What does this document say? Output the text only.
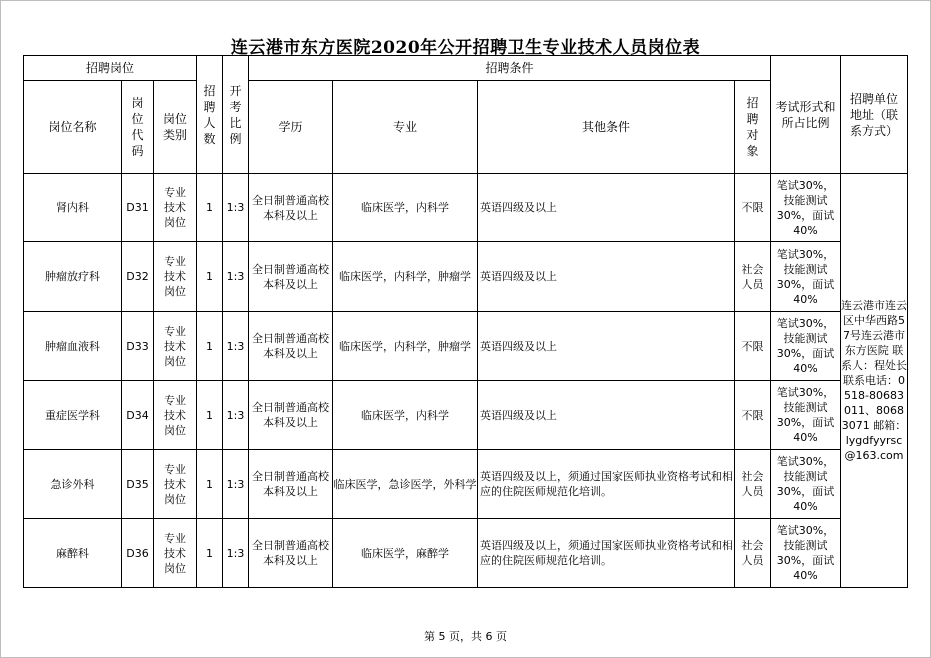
连云港市东方医院2020年公开招聘卫生专业技术人员岗位表
招聘岗位			招聘人数	开考比例	招聘条件				考试形式和所占比例	招聘单位地址（联系方式）

岗位名称	岗位代码	岗位类别			学历	专业	其他条件	招聘对象		

肾内科	D31	专业技术岗位	1	1:3	全日制普通高校本科及以上	临床医学，内科学	英语四级及以上	不限	笔试30%，技能测试30%，面试40%	连云港市连云区中华西路57号连云港市东方医院 联系人：程处长 联系电话：0518-80683011、80683071 邮箱：lygdfyyrsc@163.com
肿瘤放疗科	D32	专业技术岗位	1	1:3	全日制普通高校本科及以上	临床医学，内科学，肿瘤学	英语四级及以上	社会人员	笔试30%，技能测试30%，面试40%	

肿瘤血液科	D33	专业技术岗位	1	1:3	全日制普通高校本科及以上	临床医学，内科学，肿瘤学	英语四级及以上	不限	笔试30%，技能测试30%，面试40%	

重症医学科	D34	专业技术岗位	1	1:3	全日制普通高校本科及以上	临床医学，内科学	英语四级及以上	不限	笔试30%，技能测试30%，面试40%	

急诊外科	D35	专业技术岗位	1	1:3	全日制普通高校本科及以上	临床医学，急诊医学，外科学	英语四级及以上，须通过国家医师执业资格考试和相应的住院医师规范化培训。	社会人员	笔试30%，技能测试30%，面试40%	

麻醉科	D36	专业技术岗位	1	1:3	全日制普通高校本科及以上	临床医学，麻醉学	英语四级及以上，须通过国家医师执业资格考试和相应的住院医师规范化培训。	社会人员	笔试30%，技能测试30%，面试40%	
第 5 页，共 6 页
